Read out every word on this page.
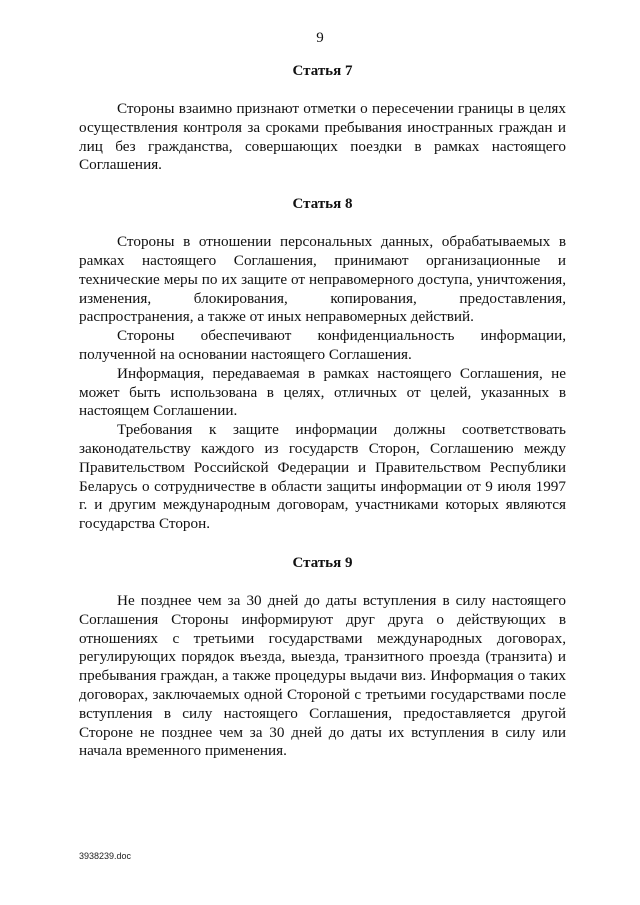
9
Статья 7

Стороны взаимно признают отметки о пересечении границы в целях осуществления контроля за сроками пребывания иностранных граждан и лиц без гражданства, совершающих поездки в рамках настоящего Соглашения.

Статья 8

Стороны в отношении персональных данных, обрабатываемых в рамках настоящего Соглашения, принимают организационные и технические меры по их защите от неправомерного доступа, уничтожения, изменения, блокирования, копирования, предоставления, распространения, а также от иных неправомерных действий.

Стороны обеспечивают конфиденциальность информации, полученной на основании настоящего Соглашения.

Информация, передаваемая в рамках настоящего Соглашения, не может быть использована в целях, отличных от целей, указанных в настоящем Соглашении.

Требования к защите информации должны соответствовать законодательству каждого из государств Сторон, Соглашению между Правительством Российской Федерации и Правительством Республики Беларусь о сотрудничестве в области защиты информации от 9 июля 1997 г. и другим международным договорам, участниками которых являются государства Сторон.

Статья 9

Не позднее чем за 30 дней до даты вступления в силу настоящего Соглашения Стороны информируют друг друга о действующих в отношениях с третьими государствами международных договорах, регулирующих порядок въезда, выезда, транзитного проезда (транзита) и пребывания граждан, а также процедуры выдачи виз. Информация о таких договорах, заключаемых одной Стороной с третьими государствами после вступления в силу настоящего Соглашения, предоставляется другой Стороне не позднее чем за 30 дней до даты их вступления в силу или начала временного применения.

3938239.doc
